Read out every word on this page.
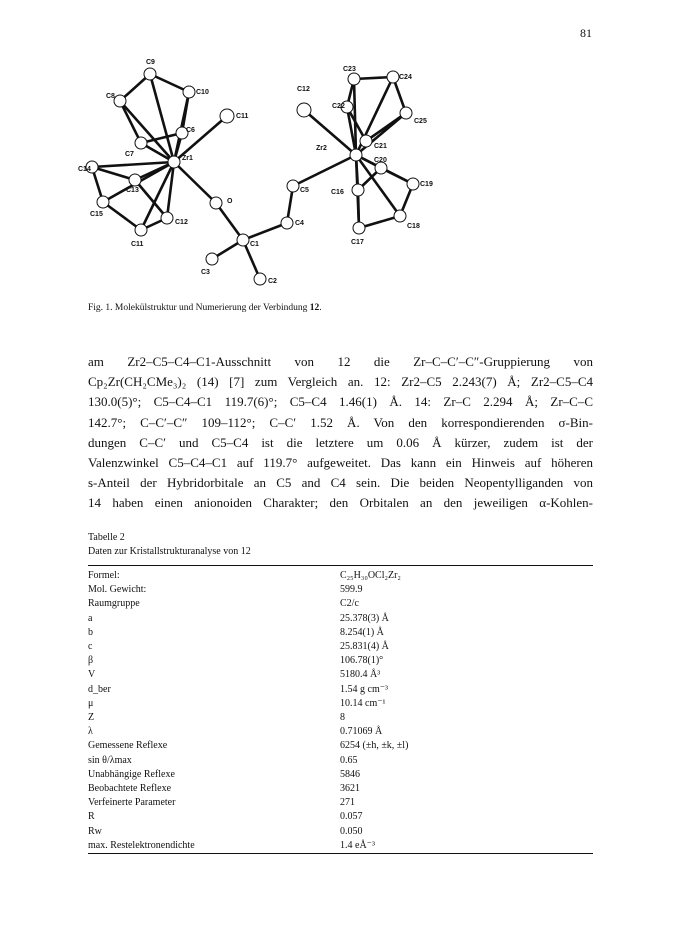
81
C9
C10
C8
C6
C11
C7
Zr1
C14
C13
C15
C12
C11
O
C1
C3
C2
C4
C5
C23
C24
C12
C22
C25
Zr2	C21
C20
C16
C19
C18
C17
Fig. 1. Molekülstruktur und Numerierung der Verbindung 12.

am Zr2–C5–C4–C1-Ausschnitt von 12 die Zr–C–C′–C″-Gruppierung von

Cp₂Zr(CH₂CMe₃)₂ (14) [7] zum Vergleich an. 12: Zr2–C5 2.243(7) Å; Zr2–C5–C4

130.0(5)°; C5–C4–C1 119.7(6)°; C5–C4 1.46(1) Å. 14: Zr–C 2.294 Å; Zr–C–C

142.7°; C–C′–C″ 109–112°; C–C′ 1.52 Å. Von den korrespondierenden σ-Bin-

dungen C–C′ und C5–C4 ist die letztere um 0.06 Å kürzer, zudem ist der

Valenzwinkel C5–C4–C1 auf 119.7° aufgeweitet. Das kann ein Hinweis auf höheren

s-Anteil der Hybridorbitale an C5 and C4 sein. Die beiden Neopentylliganden von

14 haben einen anionoiden Charakter; den Orbitalen an den jeweiligen α-Kohlen-

Tabelle 2

Daten zur Kristallstrukturanalyse von 12

Formel:	C₂₅H₃₀OCl₂Zr₂
Mol. Gewicht:	599.9
Raumgruppe	C2/c
a	25.378(3) Å
b	8.254(1) Å
c	25.831(4) Å
β	106.78(1)°
V	5180.4 Å³
d_ber	1.54 g cm⁻³
μ	10.14 cm⁻¹
Z	8
λ	0.71069 Å
Gemessene Reflexe	6254 (±h, ±k, ±l)
sin θ/λmax	0.65
Unabhängige Reflexe	5846
Beobachtete Reflexe	3621
Verfeinerte Parameter	271
R	0.057
Rw	0.050
max. Restelektronendichte	1.4 eÅ⁻³
